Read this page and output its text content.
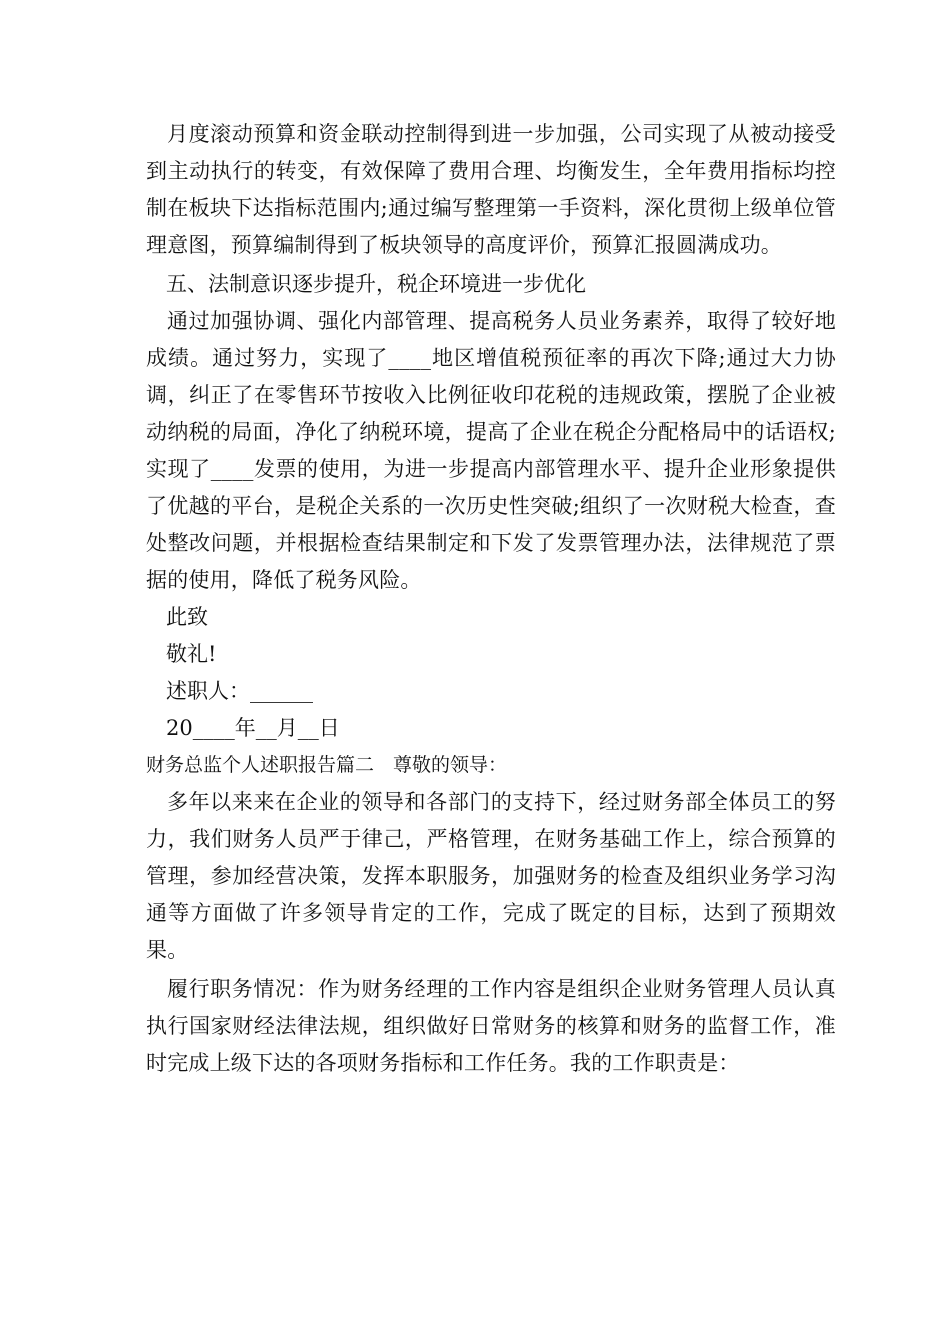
月度滚动预算和资金联动控制得到进一步加强，公司实现了从被动接受到主动执行的转变，有效保障了费用合理、均衡发生，全年费用指标均控制在板块下达指标范围内;通过编写整理第一手资料，深化贯彻上级单位管理意图，预算编制得到了板块领导的高度评价，预算汇报圆满成功。

五、法制意识逐步提升，税企环境进一步优化

通过加强协调、强化内部管理、提高税务人员业务素养，取得了较好地成绩。通过努力，实现了____地区增值税预征率的再次下降;通过大力协调，纠正了在零售环节按收入比例征收印花税的违规政策，摆脱了企业被动纳税的局面，净化了纳税环境，提高了企业在税企分配格局中的话语权;实现了____发票的使用，为进一步提高内部管理水平、提升企业形象提供了优越的平台，是税企关系的一次历史性突破;组织了一次财税大检查，查处整改问题，并根据检查结果制定和下发了发票管理办法，法律规范了票据的使用，降低了税务风险。

此致

敬礼!

述职人：______

20____年__月__日

财务总监个人述职报告篇二　尊敬的领导：

多年以来来在企业的领导和各部门的支持下，经过财务部全体员工的努力，我们财务人员严于律己，严格管理，在财务基础工作上，综合预算的管理，参加经营决策，发挥本职服务，加强财务的检查及组织业务学习沟通等方面做了许多领导肯定的工作，完成了既定的目标，达到了预期效果。

履行职务情况：作为财务经理的工作内容是组织企业财务管理人员认真执行国家财经法律法规，组织做好日常财务的核算和财务的监督工作，准时完成上级下达的各项财务指标和工作任务。我的工作职责是：
